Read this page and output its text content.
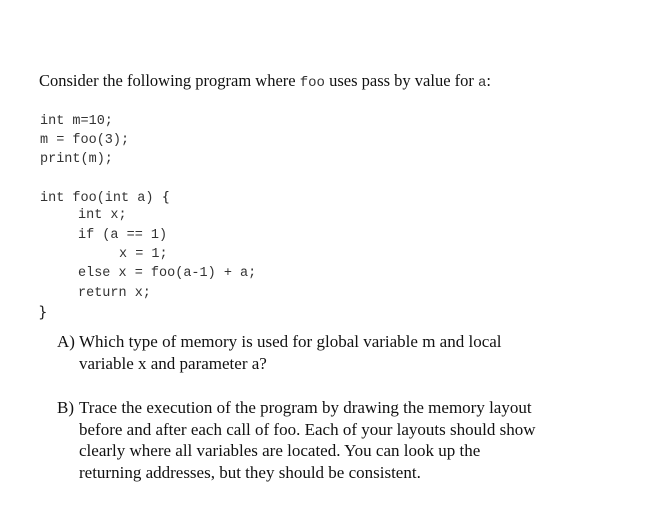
Consider the following program where foo uses pass by value for a:
int m=10;
m = foo(3);
print(m);
int foo(int a) {
int x;
if (a == 1)
x = 1;
else x = foo(a-1) + a;
return x;
}
A) Which type of memory is used for global variable m and local
variable x and parameter a?
B) Trace the execution of the program by drawing the memory layout
before and after each call of foo. Each of your layouts should show
clearly where all variables are located. You can look up the
returning addresses, but they should be consistent.
